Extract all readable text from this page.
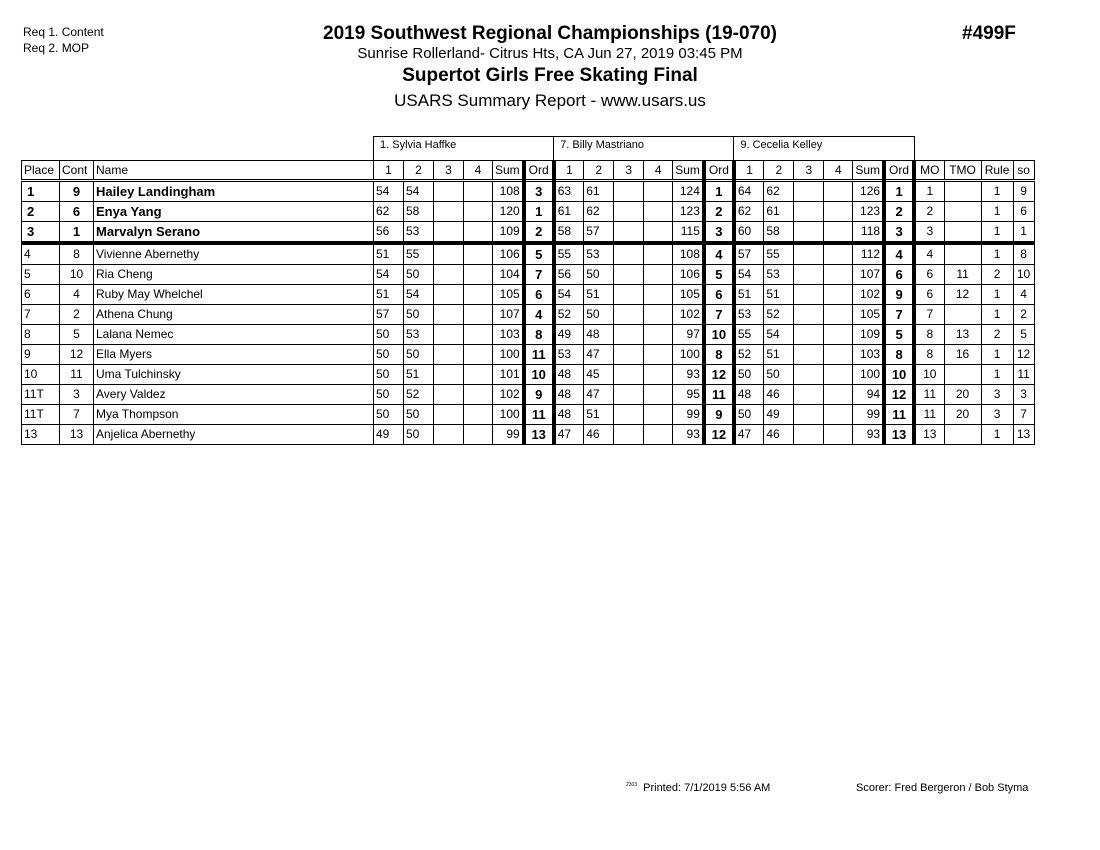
Req 1. Content
Req 2. MOP
2019 Southwest Regional Championships (19-070)
Sunrise Rollerland- Citrus Hts, CA Jun 27, 2019 03:45 PM
Supertot Girls Free Skating Final
USARS Summary Report - www.usars.us
#499F
			1. Sylvia Haffke						7. Billy Mastriano						9. Cecelia Kelley									
Place	Cont	Name	1	2	3	4	Sum	Ord	1	2	3	4	Sum	Ord	1	2	3	4	Sum	Ord	MO	TMO	Rule	so
1	9	Hailey Landingham	54	54			108	3	63	61			124	1	64	62			126	1	1		1	9
2	6	Enya Yang	62	58			120	1	61	62			123	2	62	61			123	2	2		1	6
3	1	Marvalyn Serano	56	53			109	2	58	57			115	3	60	58			118	3	3		1	1
4	8	Vivienne Abernethy	51	55			106	5	55	53			108	4	57	55			112	4	4		1	8
5	10	Ria Cheng	54	50			104	7	56	50			106	5	54	53			107	6	6	11	2	10
6	4	Ruby May Whelchel	51	54			105	6	54	51			105	6	51	51			102	9	6	12	1	4
7	2	Athena Chung	57	50			107	4	52	50			102	7	53	52			105	7	7		1	2
8	5	Lalana Nemec	50	53			103	8	49	48			97	10	55	54			109	5	8	13	2	5
9	12	Ella Myers	50	50			100	11	53	47			100	8	52	51			103	8	8	16	1	12
10	11	Uma Tulchinsky	50	51			101	10	48	45			93	12	50	50			100	10	10		1	11
11T	3	Avery Valdez	50	52			102	9	48	47			95	11	48	46			94	12	11	20	3	3
11T	7	Mya Thompson	50	50			100	11	48	51			99	9	50	49			99	11	11	20	3	7
13	13	Anjelica Abernethy	49	50			99	13	47	46			93	12	47	46			93	13	13		1	13
$^{2303}$ Printed: 7/1/2019 5:56 AM	Scorer: Fred Bergeron / Bob Styma
